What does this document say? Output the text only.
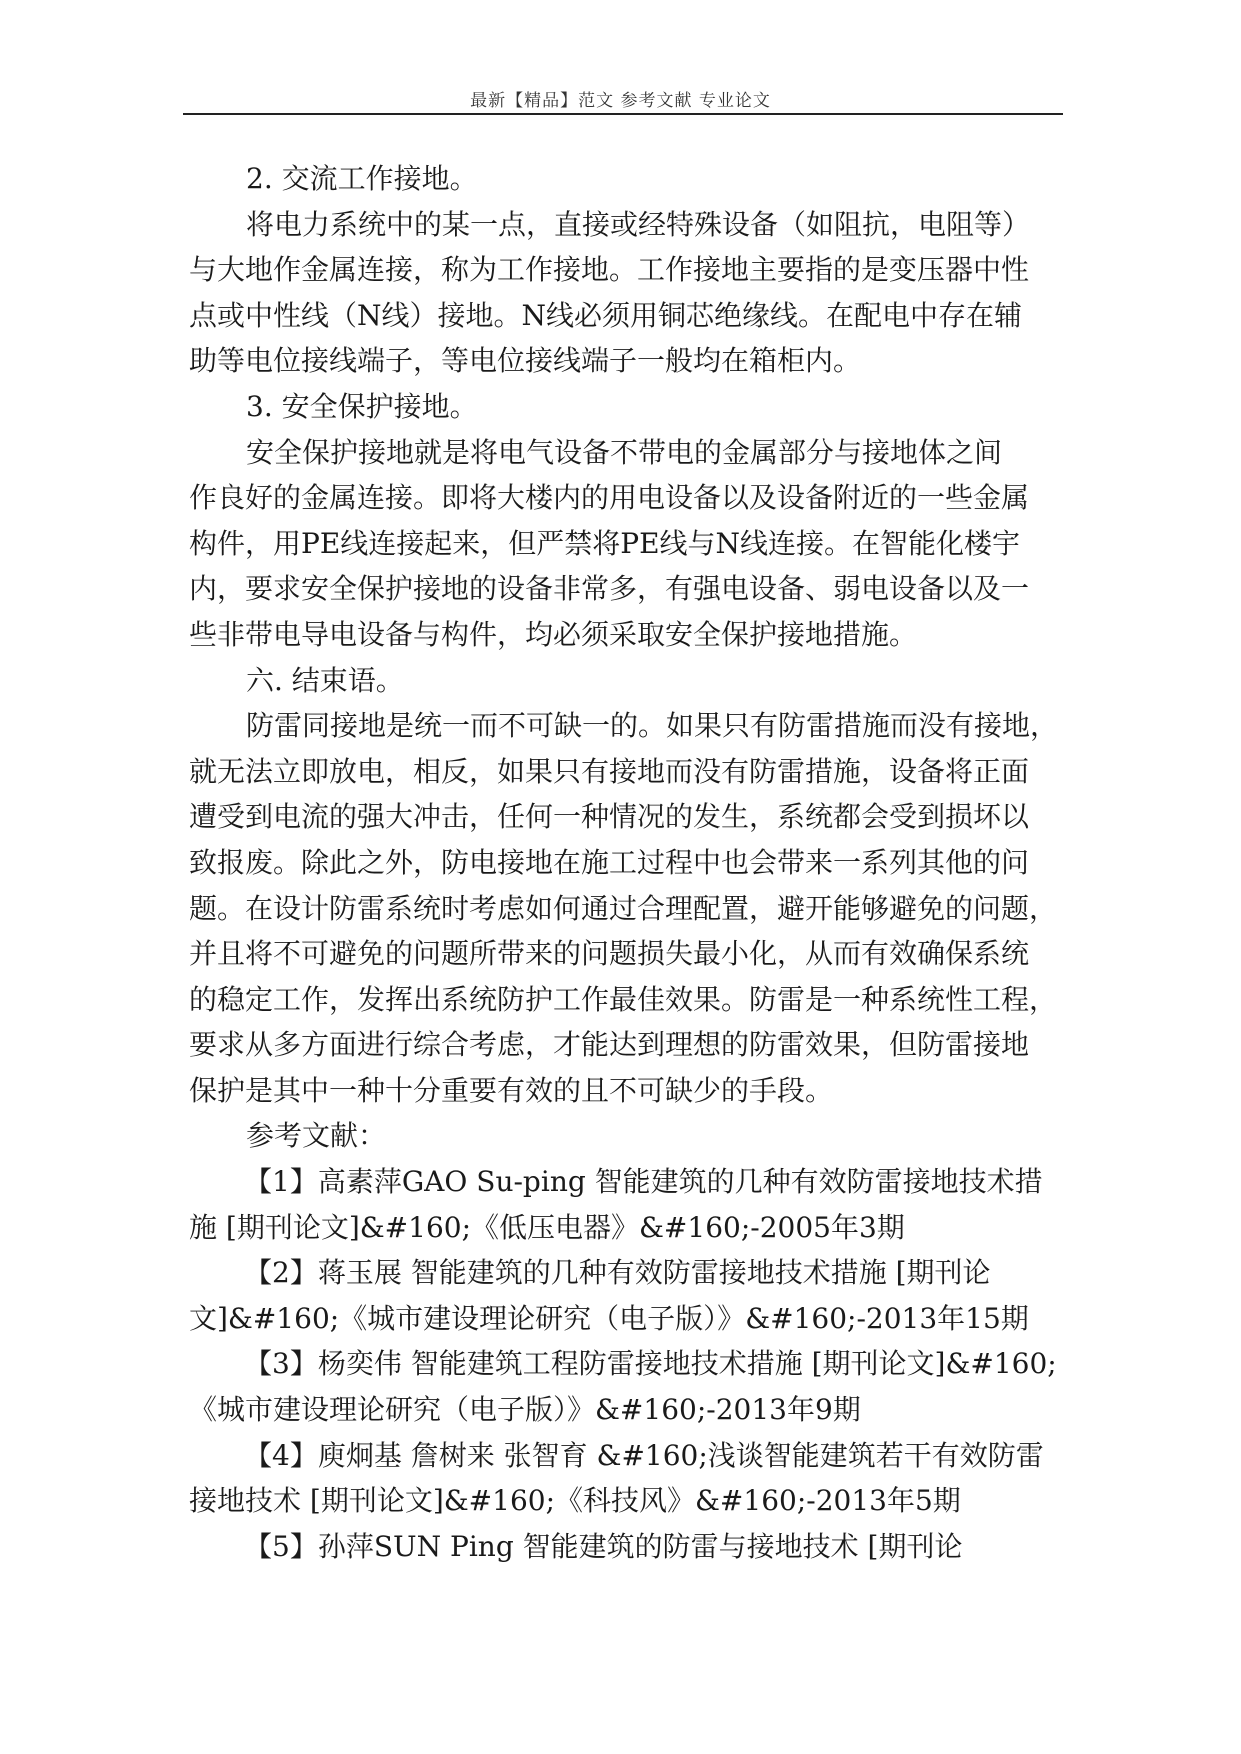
最新【精品】范文 参考文献 专业论文
2. 交流工作接地。
将电力系统中的某一点，直接或经特殊设备（如阻抗，电阻等）
与大地作金属连接，称为工作接地。工作接地主要指的是变压器中性
点或中性线（N线）接地。N线必须用铜芯绝缘线。在配电中存在辅
助等电位接线端子，等电位接线端子一般均在箱柜内。
3. 安全保护接地。
安全保护接地就是将电气设备不带电的金属部分与接地体之间
作良好的金属连接。即将大楼内的用电设备以及设备附近的一些金属
构件，用PE线连接起来，但严禁将PE线与N线连接。在智能化楼宇
内，要求安全保护接地的设备非常多，有强电设备、弱电设备以及一
些非带电导电设备与构件，均必须采取安全保护接地措施。
六. 结束语。
防雷同接地是统一而不可缺一的。如果只有防雷措施而没有接地，
就无法立即放电，相反，如果只有接地而没有防雷措施，设备将正面
遭受到电流的强大冲击，任何一种情况的发生，系统都会受到损坏以
致报废。除此之外，防电接地在施工过程中也会带来一系列其他的问
题。在设计防雷系统时考虑如何通过合理配置，避开能够避免的问题，
并且将不可避免的问题所带来的问题损失最小化，从而有效确保系统
的稳定工作，发挥出系统防护工作最佳效果。防雷是一种系统性工程，
要求从多方面进行综合考虑，才能达到理想的防雷效果，但防雷接地
保护是其中一种十分重要有效的且不可缺少的手段。
参考文献：
【1】高素萍GAO Su-ping 智能建筑的几种有效防雷接地技术措
施 [期刊论文]&#160;《低压电器》&#160;-2005年3期
【2】蒋玉展 智能建筑的几种有效防雷接地技术措施 [期刊论
文]&#160;《城市建设理论研究（电子版）》&#160;-2013年15期
【3】杨奕伟 智能建筑工程防雷接地技术措施 [期刊论文]&#160;
《城市建设理论研究（电子版）》&#160;-2013年9期
【4】庾炯基 詹树来 张智育 &#160;浅谈智能建筑若干有效防雷
接地技术 [期刊论文]&#160;《科技风》&#160;-2013年5期
【5】孙萍SUN Ping 智能建筑的防雷与接地技术 [期刊论
